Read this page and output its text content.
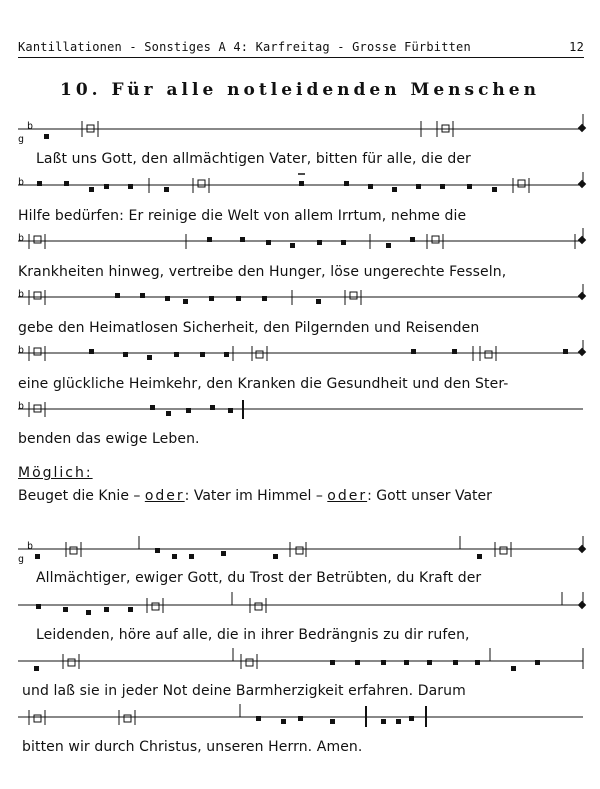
Kantillationen - Sonstiges A 4: Karfreitag - Grosse Fürbitten	12
10. Für alle notleidenden Menschen
b
g
b
b
b
b
b
b
g
Laßt uns Gott, den allmächtigen Vater, bitten für alle, die der
Hilfe bedürfen: Er reinige die Welt von allem Irrtum, nehme die
Krankheiten hinweg, vertreibe den Hunger, löse ungerechte Fesseln,
gebe den Heimatlosen Sicherheit, den Pilgernden und Reisenden
eine glückliche Heimkehr, den Kranken die Gesundheit und den Ster-
benden das ewige Leben.
Möglich:
Beuget die Knie – oder: Vater im Himmel – oder: Gott unser Vater
Allmächtiger, ewiger Gott, du Trost der Betrübten, du Kraft der
Leidenden, höre auf alle, die in ihrer Bedrängnis zu dir rufen,
und laß sie in jeder Not deine Barmherzigkeit erfahren. Darum
bitten wir durch Christus, unseren Herrn. Amen.
